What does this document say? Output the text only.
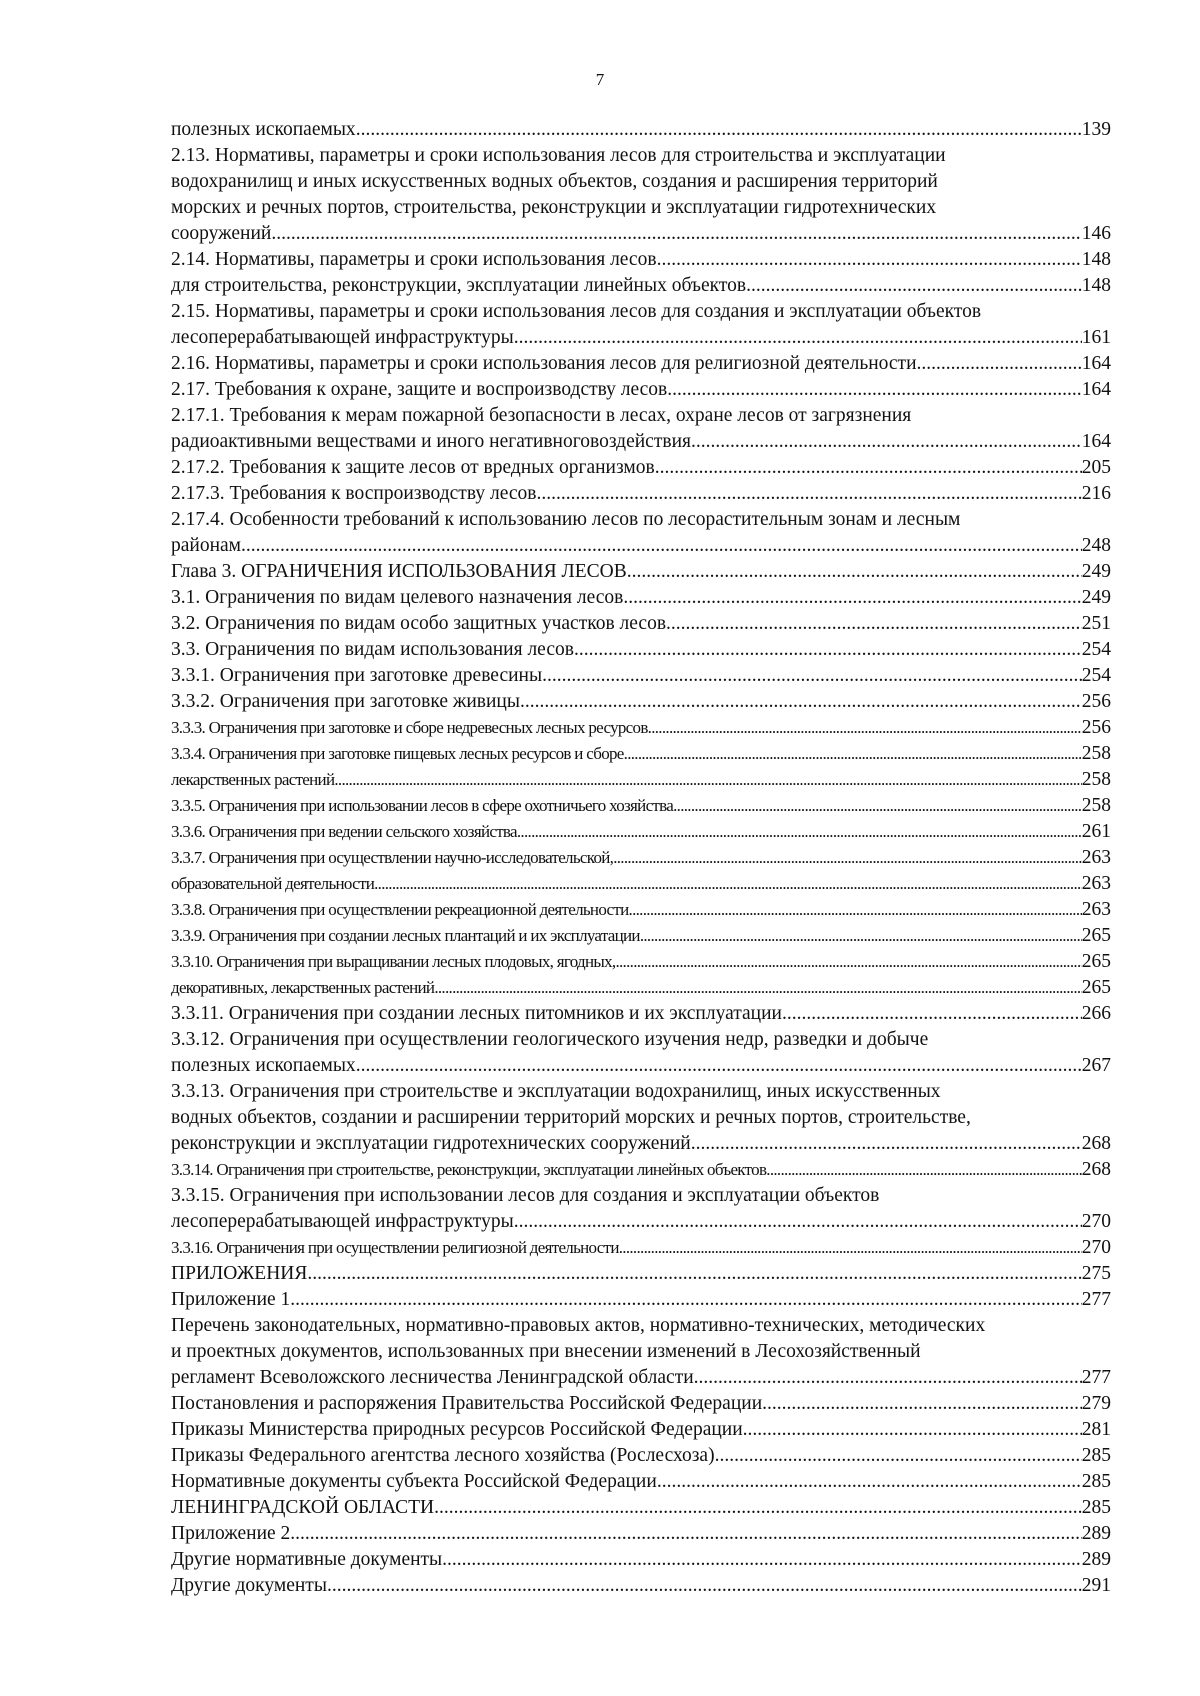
7
полезных ископаемых .....	139
2.13. Нормативы, параметры и сроки использования лесов для строительства и эксплуатации
водохранилищ и иных искусственных водных объектов, создания и расширения территорий
морских и речных портов, строительства, реконструкции и эксплуатации гидротехнических
сооружений .....	146
2.14. Нормативы, параметры и сроки использования лесов .....	148
для строительства, реконструкции, эксплуатации линейных объектов .....	148
2.15. Нормативы, параметры и сроки использования лесов для создания и эксплуатации объектов
лесоперерабатывающей инфраструктуры .....	161
2.16. Нормативы, параметры и сроки использования лесов для религиозной деятельности .....	164
2.17. Требования к охране, защите и воспроизводству лесов .....	164
2.17.1. Требования к мерам пожарной безопасности в лесах, охране лесов от загрязнения
радиоактивными веществами и иного негативноговоздействия .....	164
2.17.2. Требования к защите лесов от вредных организмов .....	205
2.17.3. Требования к воспроизводству лесов .....	216
2.17.4. Особенности требований к использованию лесов по лесорастительным зонам и лесным
районам .....	248
Глава 3. ОГРАНИЧЕНИЯ ИСПОЛЬЗОВАНИЯ ЛЕСОВ .....	249
3.1. Ограничения по видам целевого назначения лесов .....	249
3.2. Ограничения по видам особо защитных участков лесов .....	251
3.3. Ограничения по видам использования лесов .....	254
3.3.1. Ограничения при заготовке древесины .....	254
3.3.2. Ограничения при заготовке живицы .....	256
3.3.3. Ограничения при заготовке и сборе недревесных лесных ресурсов .....	256
3.3.4. Ограничения при заготовке пищевых лесных ресурсов и сборе .....	258
лекарственных растений .....	258
3.3.5. Ограничения при использовании лесов в сфере охотничьего хозяйства .....	258
3.3.6. Ограничения при ведении сельского хозяйства .....	261
3.3.7. Ограничения при осуществлении научно-исследовательской, .....	263
образовательной деятельности .....	263
3.3.8. Ограничения при осуществлении рекреационной деятельности .....	263
3.3.9. Ограничения при создании лесных плантаций и их эксплуатации .....	265
3.3.10. Ограничения при выращивании лесных плодовых, ягодных, .....	265
декоративных, лекарственных растений .....	265
3.3.11. Ограничения при создании лесных питомников и их эксплуатации .....	266
3.3.12. Ограничения при осуществлении геологического изучения недр, разведки и добыче
полезных ископаемых .....	267
3.3.13. Ограничения при строительстве и эксплуатации водохранилищ, иных искусственных
водных объектов, создании и расширении территорий морских и речных портов, строительстве,
реконструкции и эксплуатации гидротехнических сооружений .....	268
3.3.14. Ограничения при строительстве, реконструкции, эксплуатации линейных объектов .....	268
3.3.15. Ограничения при использовании лесов для создания и эксплуатации объектов
лесоперерабатывающей инфраструктуры .....	270
3.3.16. Ограничения при осуществлении религиозной деятельности .....	270
ПРИЛОЖЕНИЯ .....	275
Приложение 1 .....	277
Перечень законодательных, нормативно-правовых актов, нормативно-технических, методических
и проектных документов, использованных при внесении изменений в Лесохозяйственный
регламент Всеволожского лесничества Ленинградской области .....	277
Постановления и распоряжения Правительства Российской Федерации .....	279
Приказы Министерства природных ресурсов Российской Федерации .....	281
Приказы Федерального агентства лесного хозяйства (Рослесхоза) .....	285
Нормативные документы субъекта Российской Федерации .....	285
ЛЕНИНГРАДСКОЙ ОБЛАСТИ .....	285
Приложение 2 .....	289
Другие нормативные документы .....	289
Другие документы .....	291
